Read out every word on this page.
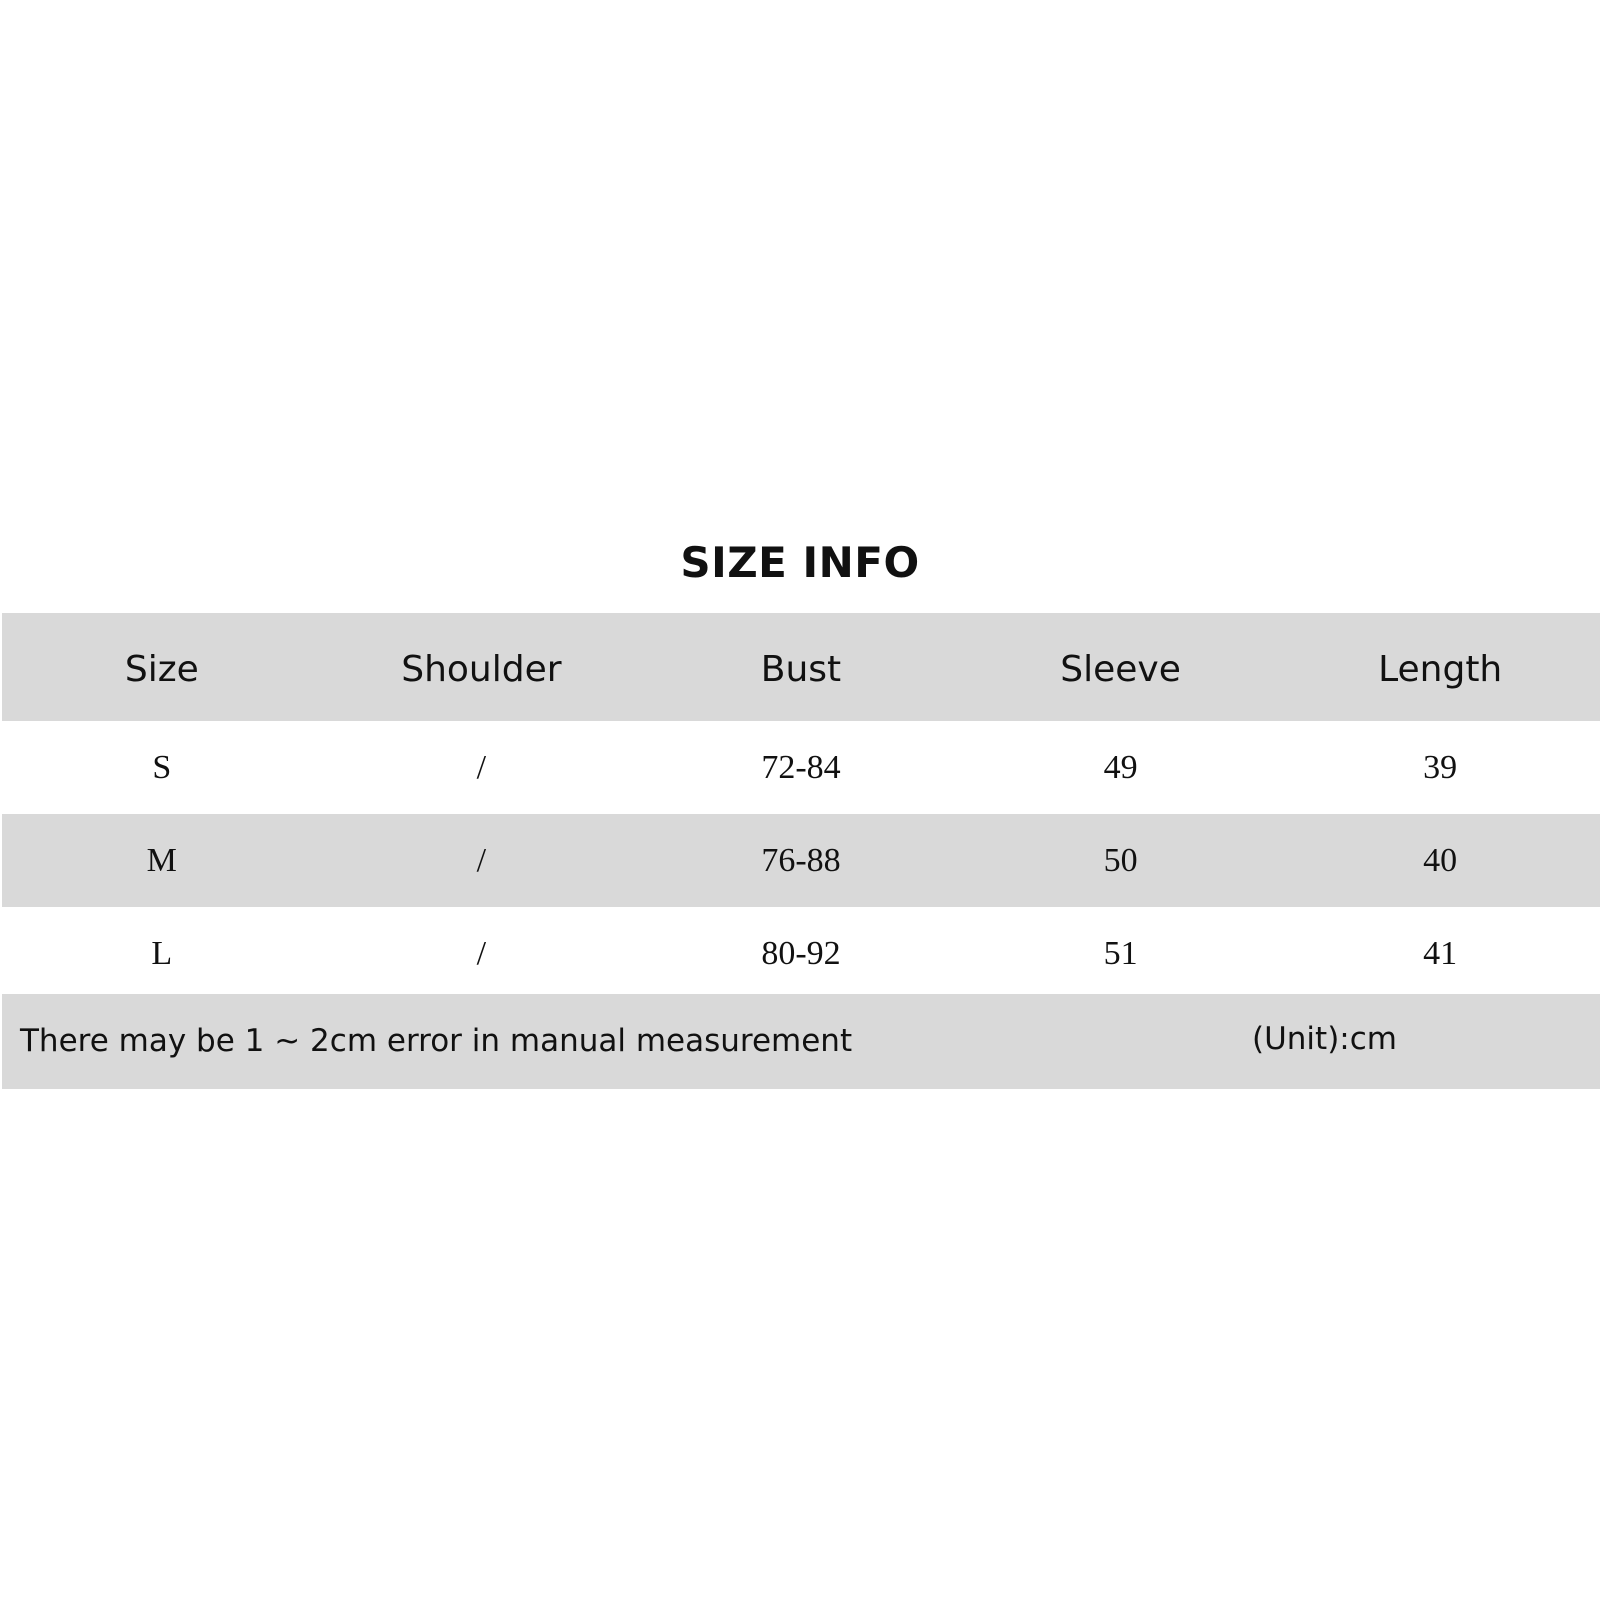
SIZE INFO
Size	Shoulder	Bust	Sleeve	Length
S	/	72-84	49	39
M	/	76-88	50	40
L	/	80-92	51	41
There may be 1 ~ 2cm error in manual measurement	(Unit):cm
